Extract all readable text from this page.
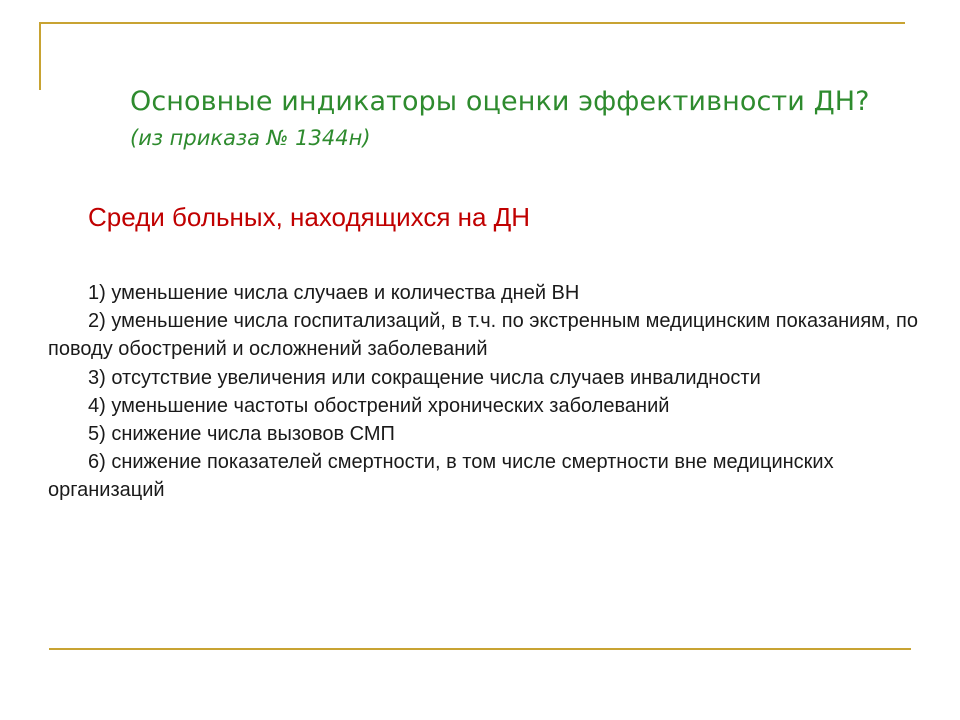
Основные индикаторы оценки эффективности ДН?
(из приказа № 1344н)
Среди больных, находящихся на ДН
1) уменьшение числа случаев и количества дней ВН
2) уменьшение числа госпитализаций, в т.ч. по экстренным медицинским показаниям, по поводу обострений и осложнений заболеваний
3) отсутствие увеличения или сокращение числа случаев инвалидности
4) уменьшение частоты обострений хронических заболеваний
5) снижение числа вызовов СМП
6) снижение показателей смертности, в том числе смертности вне медицинских организаций
